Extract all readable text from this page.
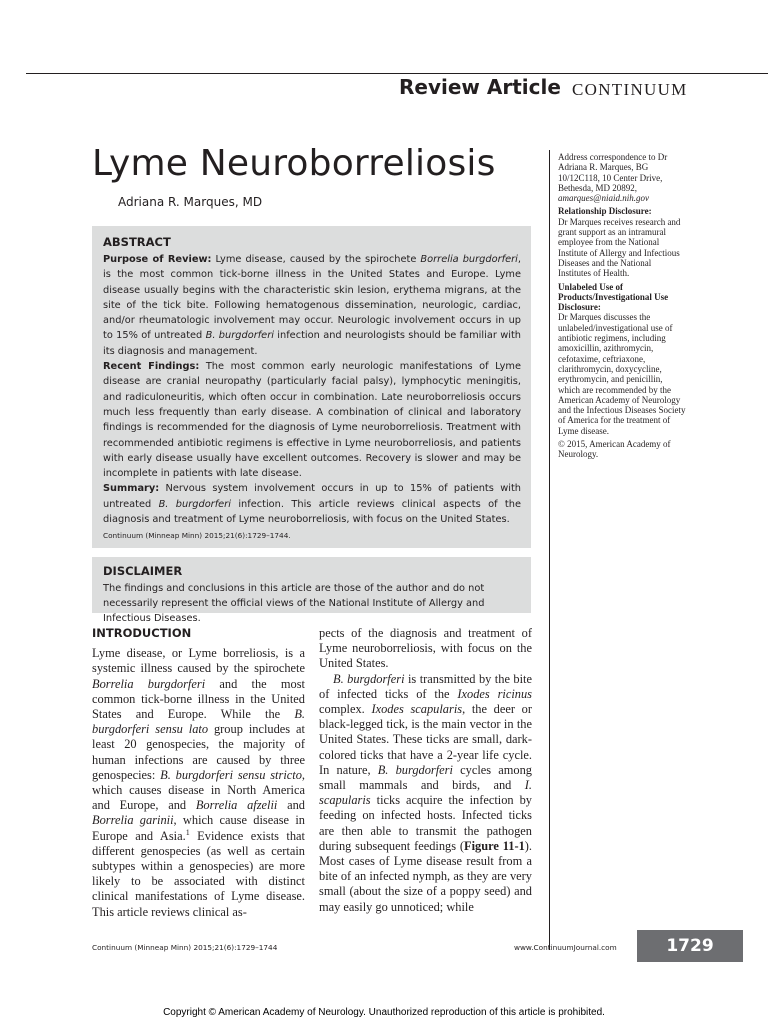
Review Article CONTINUUM
Lyme Neuroborreliosis
Adriana R. Marques, MD
ABSTRACT

Purpose of Review: Lyme disease, caused by the spirochete Borrelia burgdorferi, is the most common tick-borne illness in the United States and Europe. Lyme disease usually begins with the characteristic skin lesion, erythema migrans, at the site of the tick bite. Following hematogenous dissemination, neurologic, cardiac, and/or rheumatologic involvement may occur. Neurologic involvement occurs in up to 15% of untreated B. burgdorferi infection and neurologists should be familiar with its diagnosis and management.

Recent Findings: The most common early neurologic manifestations of Lyme disease are cranial neuropathy (particularly facial palsy), lymphocytic meningitis, and radiculoneuritis, which often occur in combination. Late neuroborreliosis occurs much less frequently than early disease. A combination of clinical and laboratory findings is recommended for the diagnosis of Lyme neuroborreliosis. Treatment with recommended antibiotic regimens is effective in Lyme neuroborreliosis, and patients with early disease usually have excellent outcomes. Recovery is slower and may be incomplete in patients with late disease.

Summary: Nervous system involvement occurs in up to 15% of patients with untreated B. burgdorferi infection. This article reviews clinical aspects of the diagnosis and treatment of Lyme neuroborreliosis, with focus on the United States.

Continuum (Minneap Minn) 2015;21(6):1729–1744.
DISCLAIMER
The findings and conclusions in this article are those of the author and do not necessarily represent the official views of the National Institute of Allergy and Infectious Diseases.

Address correspondence to Dr Adriana R. Marques, BG 10/12C118, 10 Center Drive, Bethesda, MD 20892, amarques@niaid.nih.gov

Relationship Disclosure:
Dr Marques receives research and grant support as an intramural employee from the National Institute of Allergy and Infectious Diseases and the National Institutes of Health.

Unlabeled Use of Products/Investigational Use Disclosure:
Dr Marques discusses the unlabeled/investigational use of antibiotic regimens, including amoxicillin, azithromycin, cefotaxime, ceftriaxone, clarithromycin, doxycycline, erythromycin, and penicillin, which are recommended by the American Academy of Neurology and the Infectious Diseases Society of America for the treatment of Lyme disease.

© 2015, American Academy of Neurology.

INTRODUCTION

Lyme disease, or Lyme borreliosis, is a systemic illness caused by the spirochete Borrelia burgdorferi and the most common tick-borne illness in the United States and Europe. While the B. burgdorferi sensu lato group includes at least 20 genospecies, the majority of human infections are caused by three genospecies: B. burgdorferi sensu stricto, which causes disease in North America and Europe, and Borrelia afzelii and Borrelia garinii, which cause disease in Europe and Asia.$^1$ Evidence exists that different genospecies (as well as certain subtypes within a genospecies) are more likely to be associated with distinct clinical manifestations of Lyme disease. This article reviews clinical as-

pects of the diagnosis and treatment of Lyme neuroborreliosis, with focus on the United States.

B. burgdorferi is transmitted by the bite of infected ticks of the Ixodes ricinus complex. Ixodes scapularis, the deer or black-legged tick, is the main vector in the United States. These ticks are small, dark-colored ticks that have a 2-year life cycle. In nature, B. burgdorferi cycles among small mammals and birds, and I. scapularis ticks acquire the infection by feeding on infected hosts. Infected ticks are then able to transmit the pathogen during subsequent feedings (Figure 11-1). Most cases of Lyme disease result from a bite of an infected nymph, as they are very small (about the size of a poppy seed) and may easily go unnoticed; while

Continuum (Minneap Minn) 2015;21(6):1729–1744	www.ContinuumJournal.com	1729
Copyright © American Academy of Neurology. Unauthorized reproduction of this article is prohibited.
